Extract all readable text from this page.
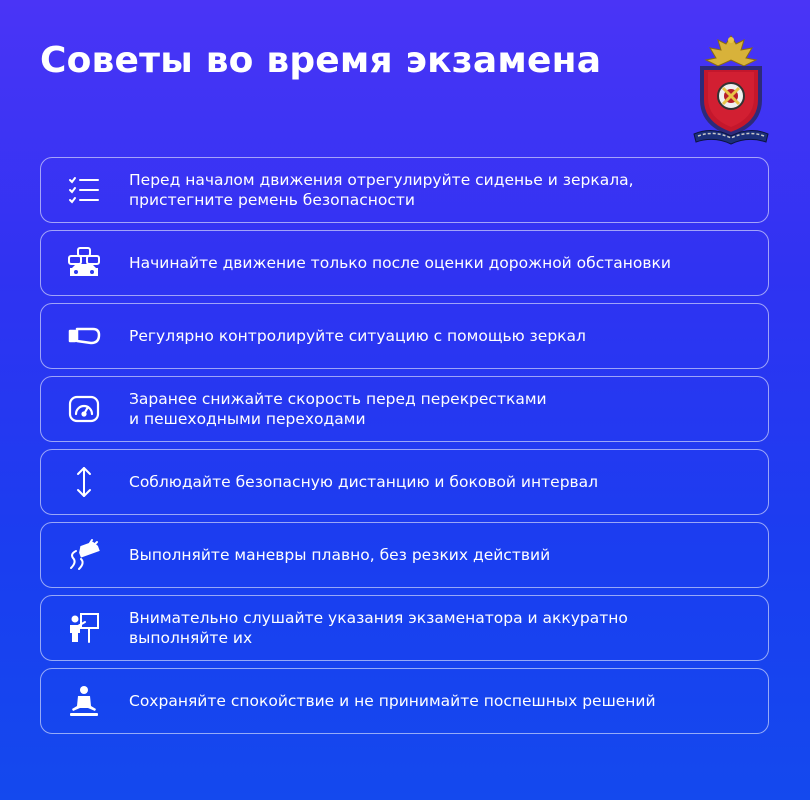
Советы во время экзамена
Перед началом движения отрегулируйте сиденье и зеркала,
пристегните ремень безопасности
Начинайте движение только после оценки дорожной обстановки
Регулярно контролируйте ситуацию с помощью зеркал
Заранее снижайте скорость перед перекрестками
и пешеходными переходами
Соблюдайте безопасную дистанцию и боковой интервал
Выполняйте маневры плавно, без резких действий
Внимательно слушайте указания экзаменатора и аккуратно
выполняйте их
Сохраняйте спокойствие и не принимайте поспешных решений
